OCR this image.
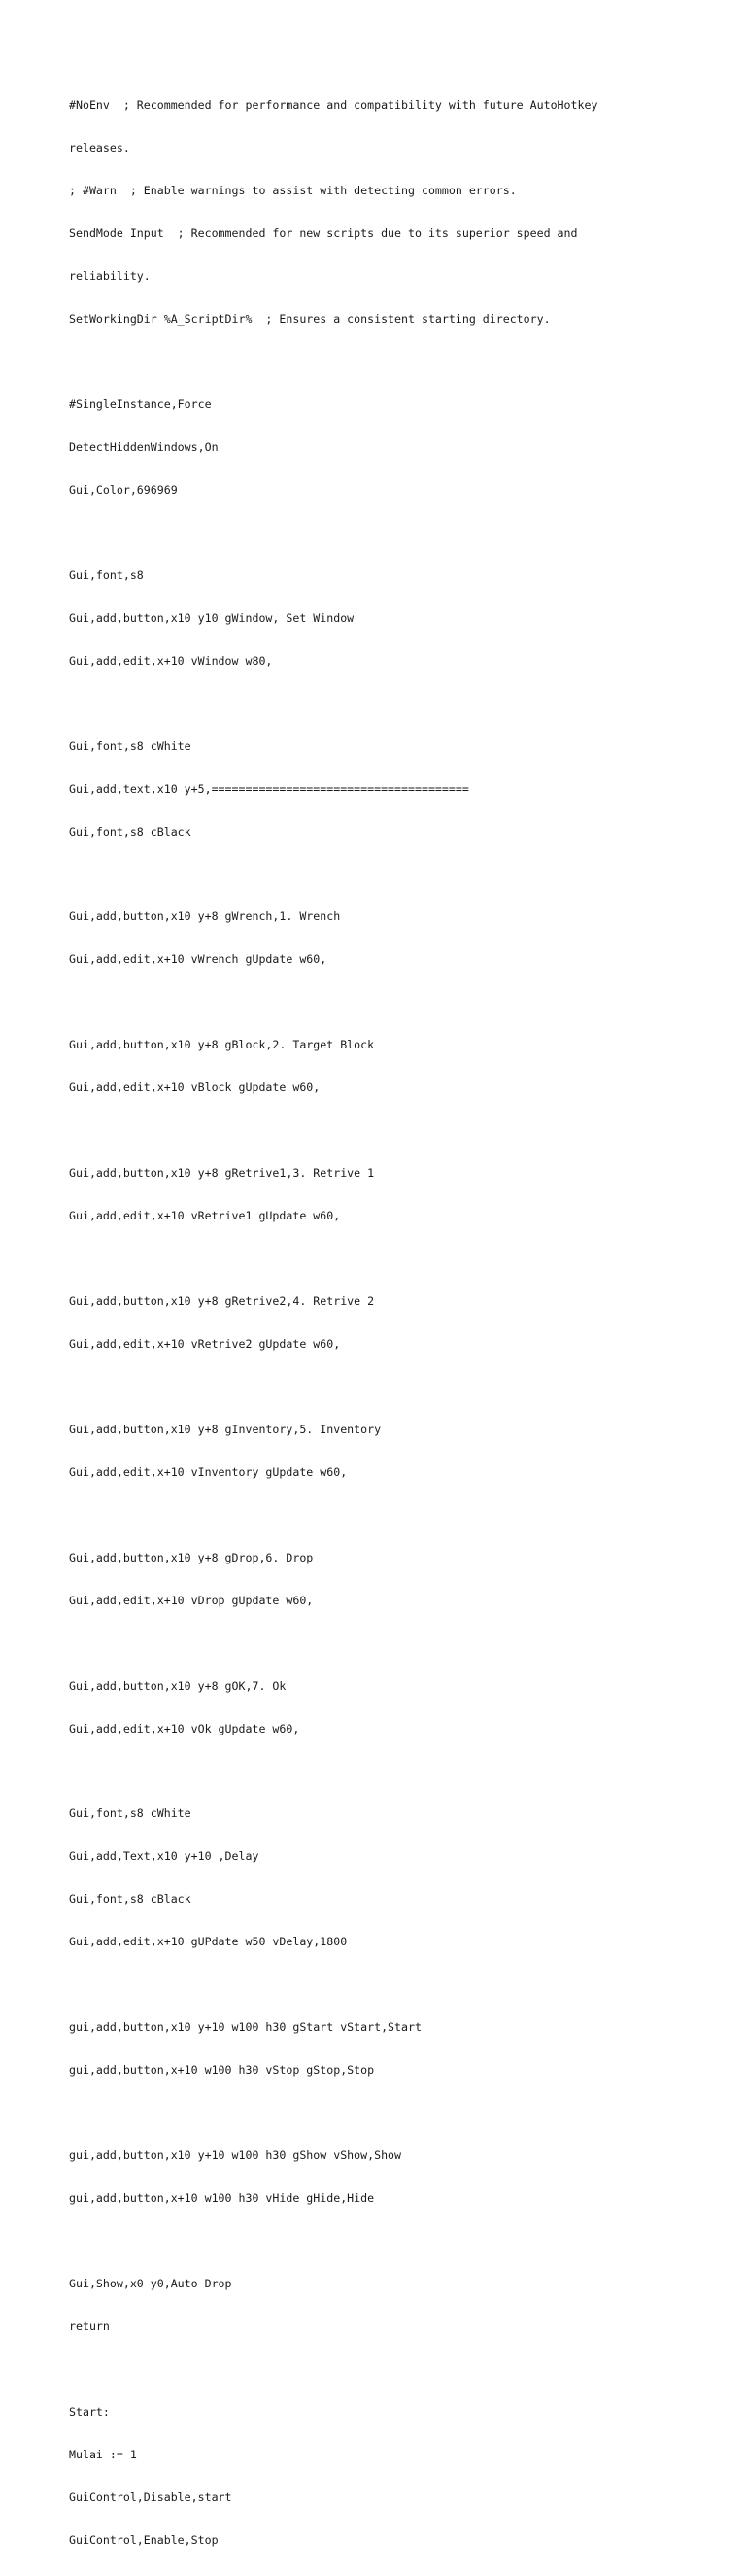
#NoEnv  ; Recommended for performance and compatibility with future AutoHotkey

releases.

; #Warn  ; Enable warnings to assist with detecting common errors.

SendMode Input  ; Recommended for new scripts due to its superior speed and

reliability.

SetWorkingDir %A_ScriptDir%  ; Ensures a consistent starting directory.

#SingleInstance,Force

DetectHiddenWindows,On

Gui,Color,696969

Gui,font,s8

Gui,add,button,x10 y10 gWindow, Set Window

Gui,add,edit,x+10 vWindow w80,

Gui,font,s8 cWhite

Gui,add,text,x10 y+5,======================================

Gui,font,s8 cBlack

Gui,add,button,x10 y+8 gWrench,1. Wrench

Gui,add,edit,x+10 vWrench gUpdate w60,

Gui,add,button,x10 y+8 gBlock,2. Target Block

Gui,add,edit,x+10 vBlock gUpdate w60,

Gui,add,button,x10 y+8 gRetrive1,3. Retrive 1

Gui,add,edit,x+10 vRetrive1 gUpdate w60,

Gui,add,button,x10 y+8 gRetrive2,4. Retrive 2

Gui,add,edit,x+10 vRetrive2 gUpdate w60,

Gui,add,button,x10 y+8 gInventory,5. Inventory

Gui,add,edit,x+10 vInventory gUpdate w60,

Gui,add,button,x10 y+8 gDrop,6. Drop

Gui,add,edit,x+10 vDrop gUpdate w60,

Gui,add,button,x10 y+8 gOK,7. Ok

Gui,add,edit,x+10 vOk gUpdate w60,

Gui,font,s8 cWhite

Gui,add,Text,x10 y+10 ,Delay

Gui,font,s8 cBlack

Gui,add,edit,x+10 gUPdate w50 vDelay,1800

gui,add,button,x10 y+10 w100 h30 gStart vStart,Start

gui,add,button,x+10 w100 h30 vStop gStop,Stop

gui,add,button,x10 y+10 w100 h30 gShow vShow,Show

gui,add,button,x+10 w100 h30 vHide gHide,Hide

Gui,Show,x0 y0,Auto Drop

return

Start:

Mulai := 1

GuiControl,Disable,start

GuiControl,Enable,Stop
